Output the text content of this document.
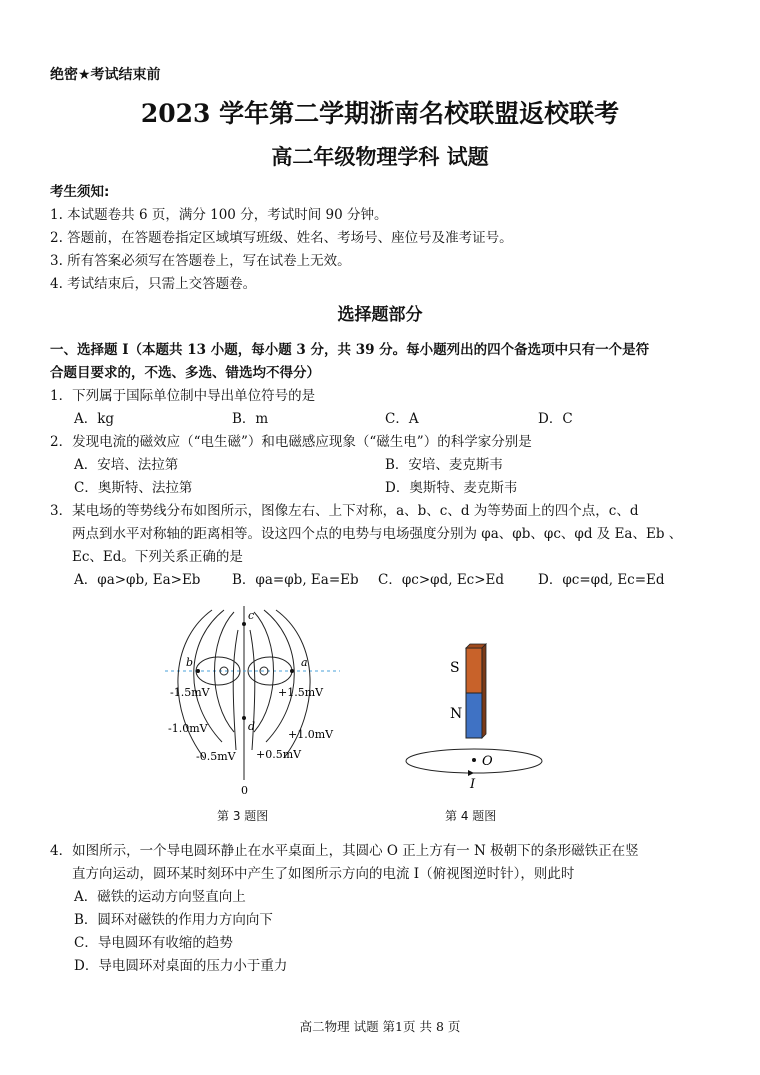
绝密★考试结束前
2023 学年第二学期浙南名校联盟返校联考
高二年级物理学科 试题
考生须知:
1. 本试题卷共 6 页，满分 100 分，考试时间 90 分钟。
2. 答题前，在答题卷指定区域填写班级、姓名、考场号、座位号及准考证号。
3. 所有答案必须写在答题卷上，写在试卷上无效。
4. 考试结束后，只需上交答题卷。
选择题部分
一、选择题 I（本题共 13 小题，每小题 3 分，共 39 分。每小题列出的四个备选项中只有一个是符
合题目要求的，不选、多选、错选均不得分）
1．下列属于国际单位制中导出单位符号的是
A．kg	B．m	C．A	D．C
2．发现电流的磁效应（“电生磁”）和电磁感应现象（“磁生电”）的科学家分别是
A．安培、法拉第	B．安培、麦克斯韦
C．奥斯特、法拉第	D．奥斯特、麦克斯韦
3．某电场的等势线分布如图所示，图像左右、上下对称，a、b、c、d 为等势面上的四个点，c、d
两点到水平对称轴的距离相等。设这四个点的电势与电场强度分别为 φa、φb、φc、φd 及 Ea、Eb 、
Ec、Ed。下列关系正确的是
A．φa>φb, Ea>Eb B．φa=φb, Ea=Eb C．φc>φd, Ec>Ed	D．φc=φd, Ec=Ed
c
d
a
b
0
-1.5mV	+1.5mV
-1.0mV	+1.0mV
-0.5mV +0.5mV
第 3 题图
S
N
O
I
第 4 题图
4．如图所示，一个导电圆环静止在水平桌面上，其圆心 O 正上方有一 N 极朝下的条形磁铁正在竖
直方向运动，圆环某时刻环中产生了如图所示方向的电流 I（俯视图逆时针），则此时
A．磁铁的运动方向竖直向上
B．圆环对磁铁的作用力方向向下
C．导电圆环有收缩的趋势
D．导电圆环对桌面的压力小于重力
高二物理 试题 第1页 共 8 页
